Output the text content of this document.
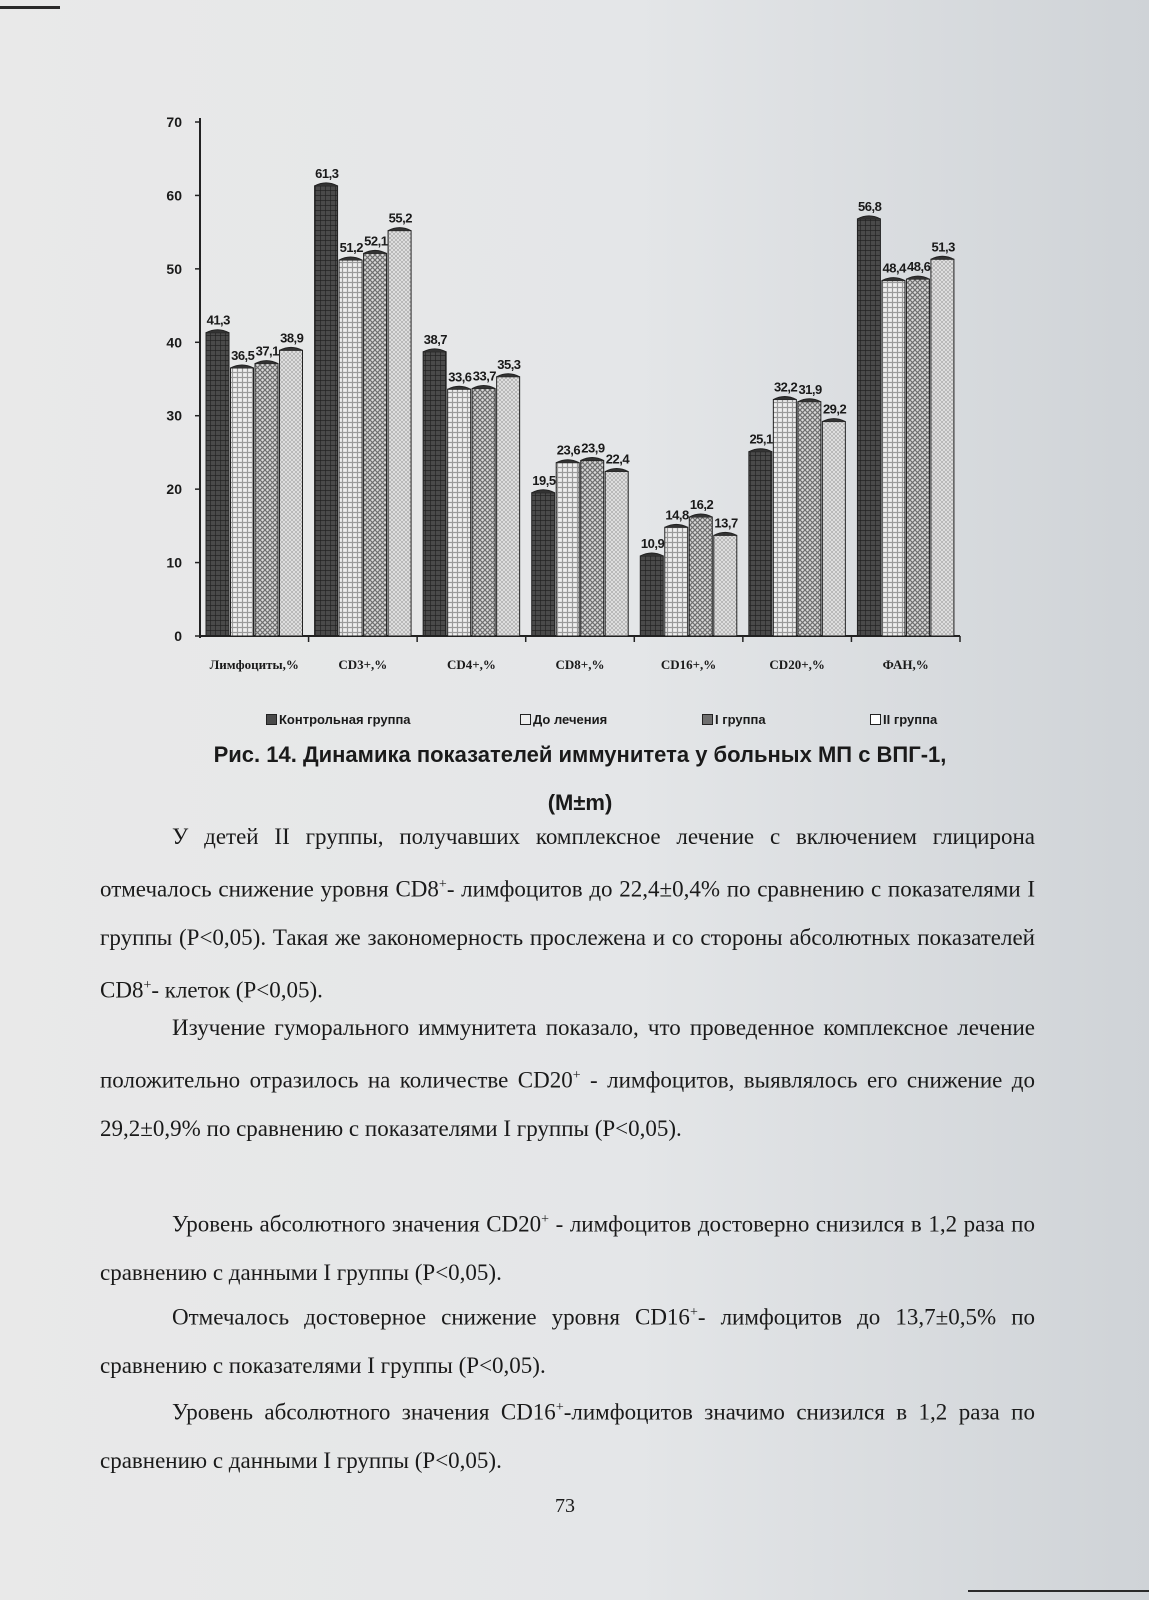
0
10
20
30
40
50
60
70
41,3
36,5 37,1
38,9
Лимфоциты,%
61,3
51,2 52,1
55,2
CD3+,%
38,7
33,6 33,7
35,3
CD4+,%
19,5
23,6 23,9
22,4
CD8+,%
10,9
14,8
16,2
13,7
CD16+,%
25,1
32,2 31,9
29,2
CD20+,%
56,8
48,4 48,6
51,3
ФАН,%
Контрольная группа	До лечения	I группа	II группа
Рис. 14. Динамика показателей иммунитета у больных МП с ВПГ-1,
(M±m)
У детей II группы, получавших комплексное лечение с включением глицирона отмечалось снижение уровня CD8+- лимфоцитов до 22,4±0,4% по сравнению с показателями I группы (P<0,05). Такая же закономерность прослежена и со стороны абсолютных показателей CD8+- клеток (P<0,05).
Изучение гуморального иммунитета показало, что проведенное комплексное лечение положительно отразилось на количестве CD20+ - лимфоцитов, выявлялось его снижение до 29,2±0,9% по сравнению с показателями I группы (P<0,05).
Уровень абсолютного значения CD20+ - лимфоцитов достоверно снизился в 1,2 раза по сравнению с данными I группы (P<0,05).
Отмечалось достоверное снижение уровня CD16+- лимфоцитов до 13,7±0,5% по сравнению с показателями I группы (P<0,05).
Уровень абсолютного значения CD16+-лимфоцитов значимо снизился в 1,2 раза по сравнению с данными I группы (P<0,05).
73
